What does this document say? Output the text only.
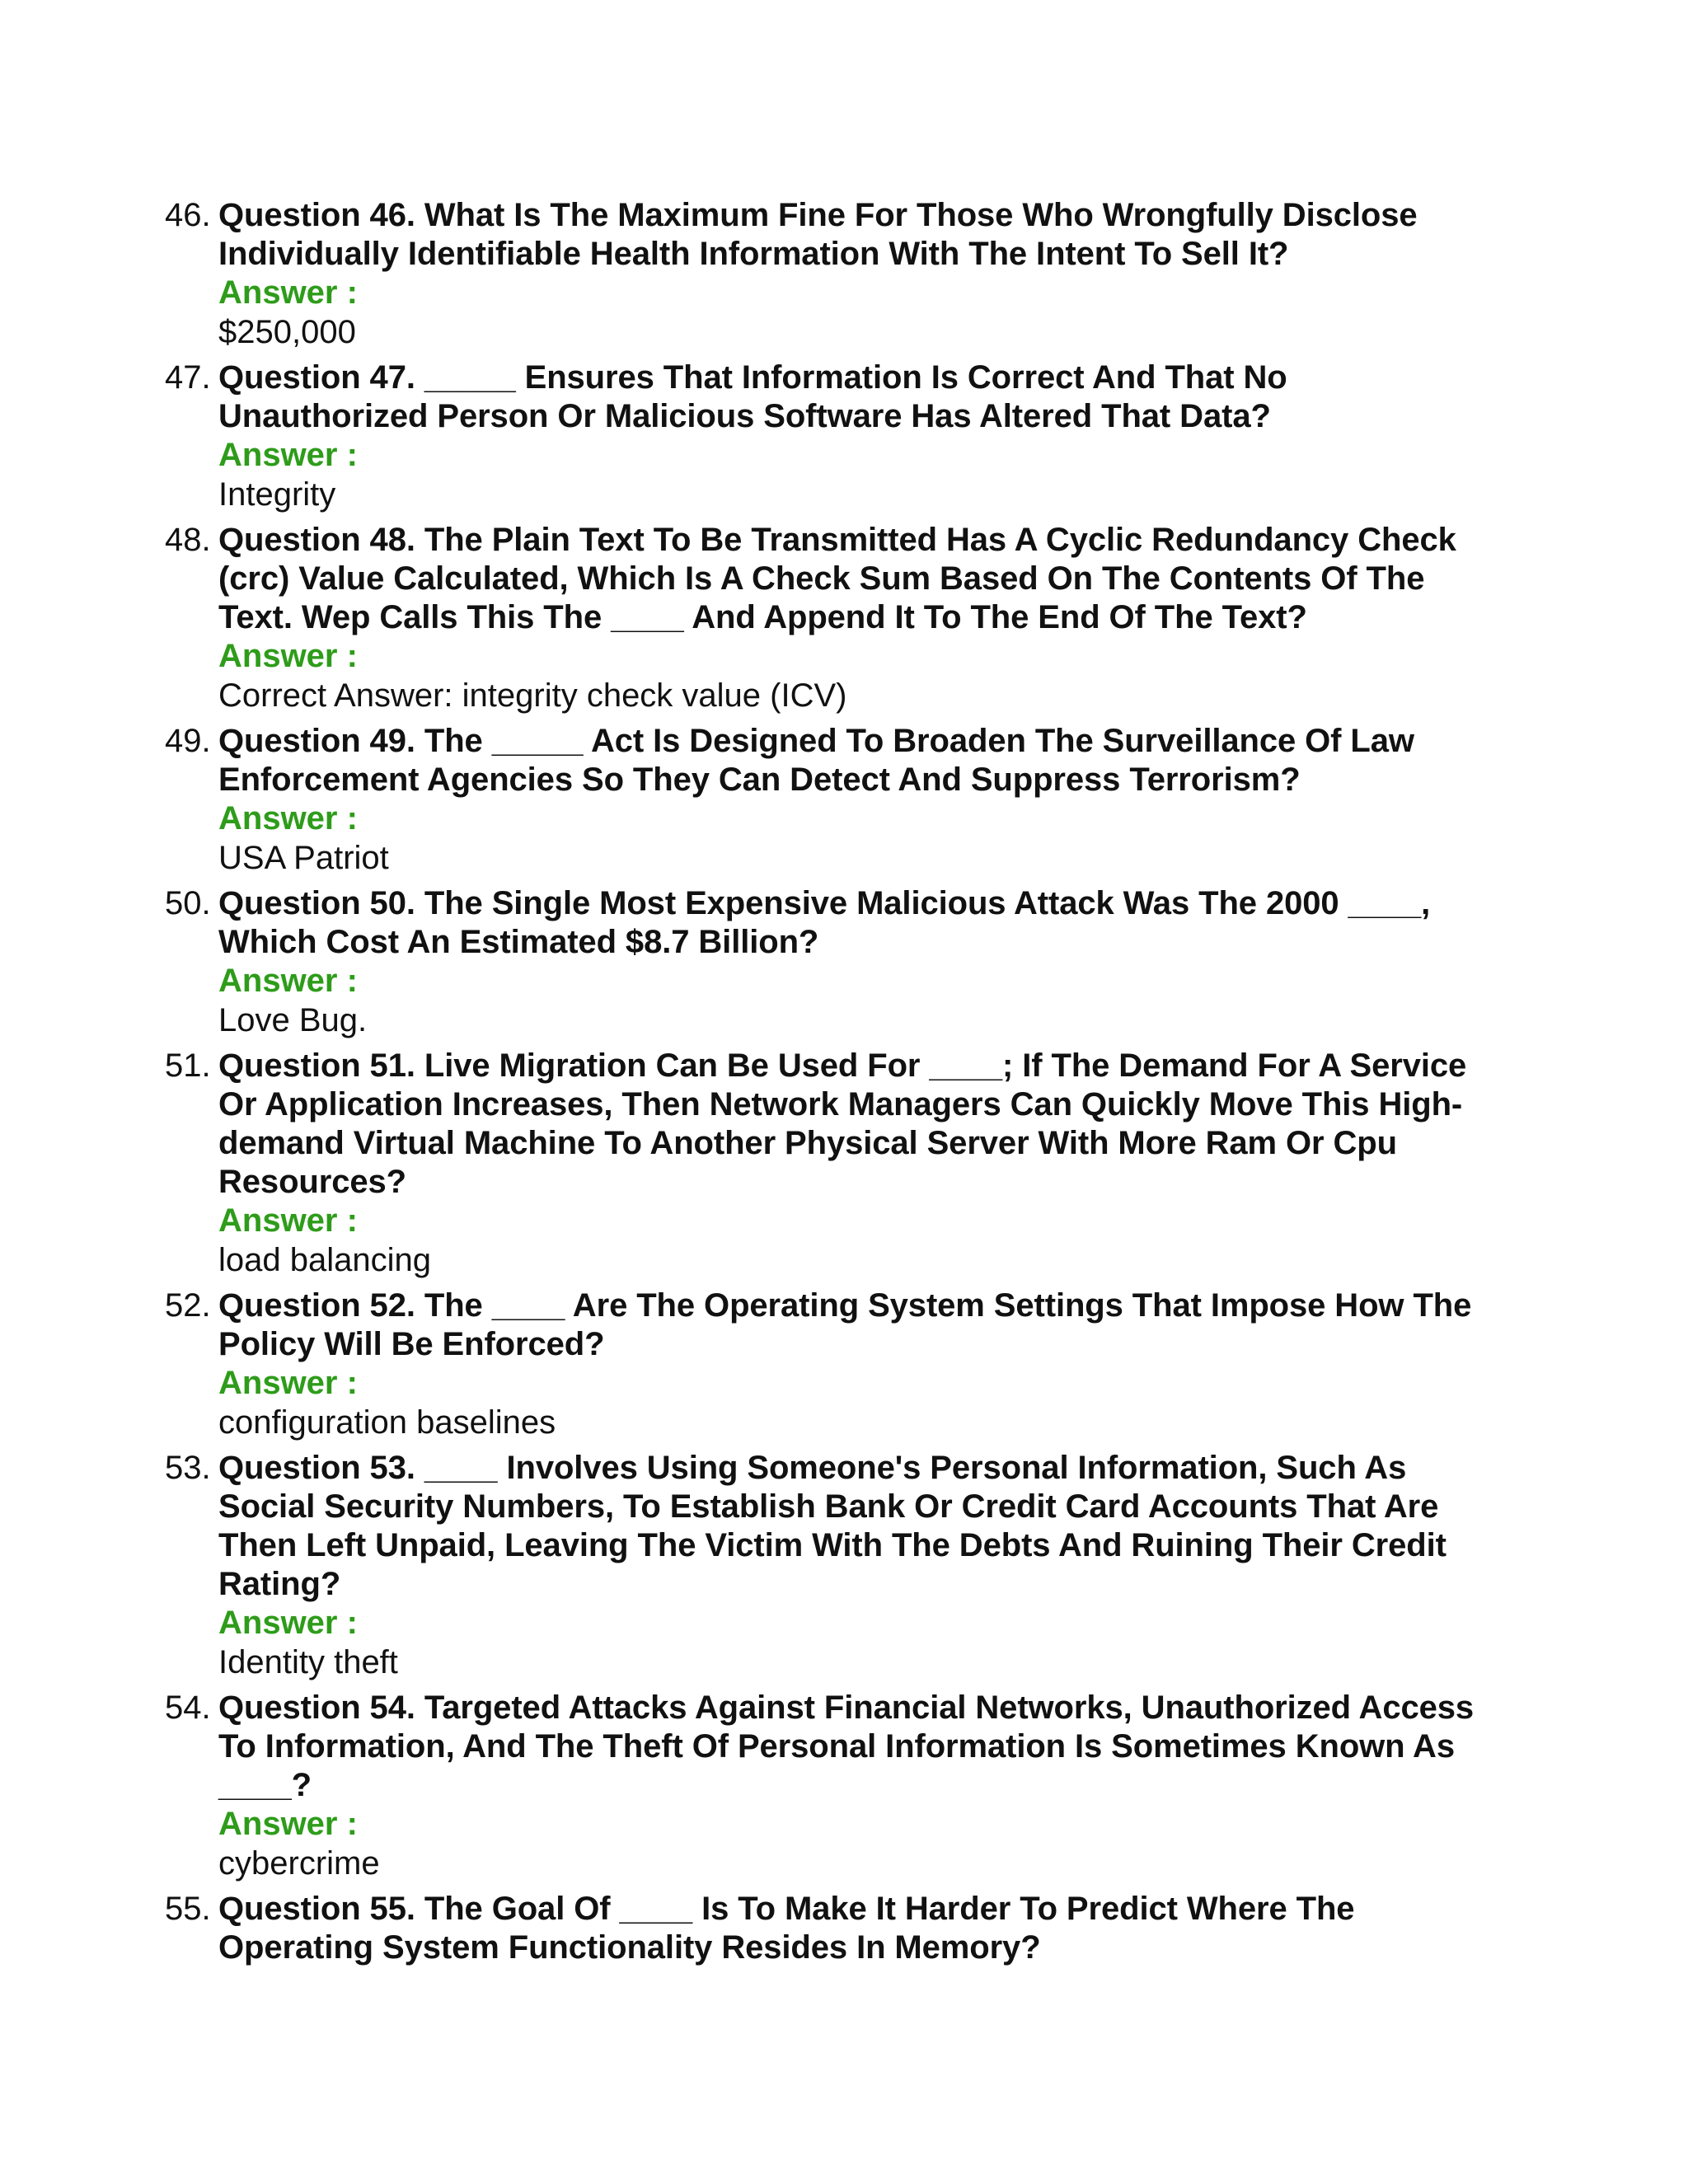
46. Question 46. What Is The Maximum Fine For Those Who Wrongfully Disclose Individually Identifiable Health Information With The Intent To Sell It?
Answer :
$250,000
47. Question 47. _____ Ensures That Information Is Correct And That No Unauthorized Person Or Malicious Software Has Altered That Data?
Answer :
Integrity
48. Question 48. The Plain Text To Be Transmitted Has A Cyclic Redundancy Check (crc) Value Calculated, Which Is A Check Sum Based On The Contents Of The Text. Wep Calls This The ____ And Append It To The End Of The Text?
Answer :
Correct Answer: integrity check value (ICV)
49. Question 49. The _____ Act Is Designed To Broaden The Surveillance Of Law Enforcement Agencies So They Can Detect And Suppress Terrorism?
Answer :
USA Patriot
50. Question 50. The Single Most Expensive Malicious Attack Was The 2000 ____, Which Cost An Estimated $8.7 Billion?
Answer :
Love Bug.
51. Question 51. Live Migration Can Be Used For ____; If The Demand For A Service Or Application Increases, Then Network Managers Can Quickly Move This High-demand Virtual Machine To Another Physical Server With More Ram Or Cpu Resources?
Answer :
load balancing
52. Question 52. The ____ Are The Operating System Settings That Impose How The Policy Will Be Enforced?
Answer :
configuration baselines
53. Question 53. ____ Involves Using Someone's Personal Information, Such As Social Security Numbers, To Establish Bank Or Credit Card Accounts That Are Then Left Unpaid, Leaving The Victim With The Debts And Ruining Their Credit Rating?
Answer :
Identity theft
54. Question 54. Targeted Attacks Against Financial Networks, Unauthorized Access To Information, And The Theft Of Personal Information Is Sometimes Known As ____?
Answer :
cybercrime
55. Question 55. The Goal Of ____ Is To Make It Harder To Predict Where The Operating System Functionality Resides In Memory?
